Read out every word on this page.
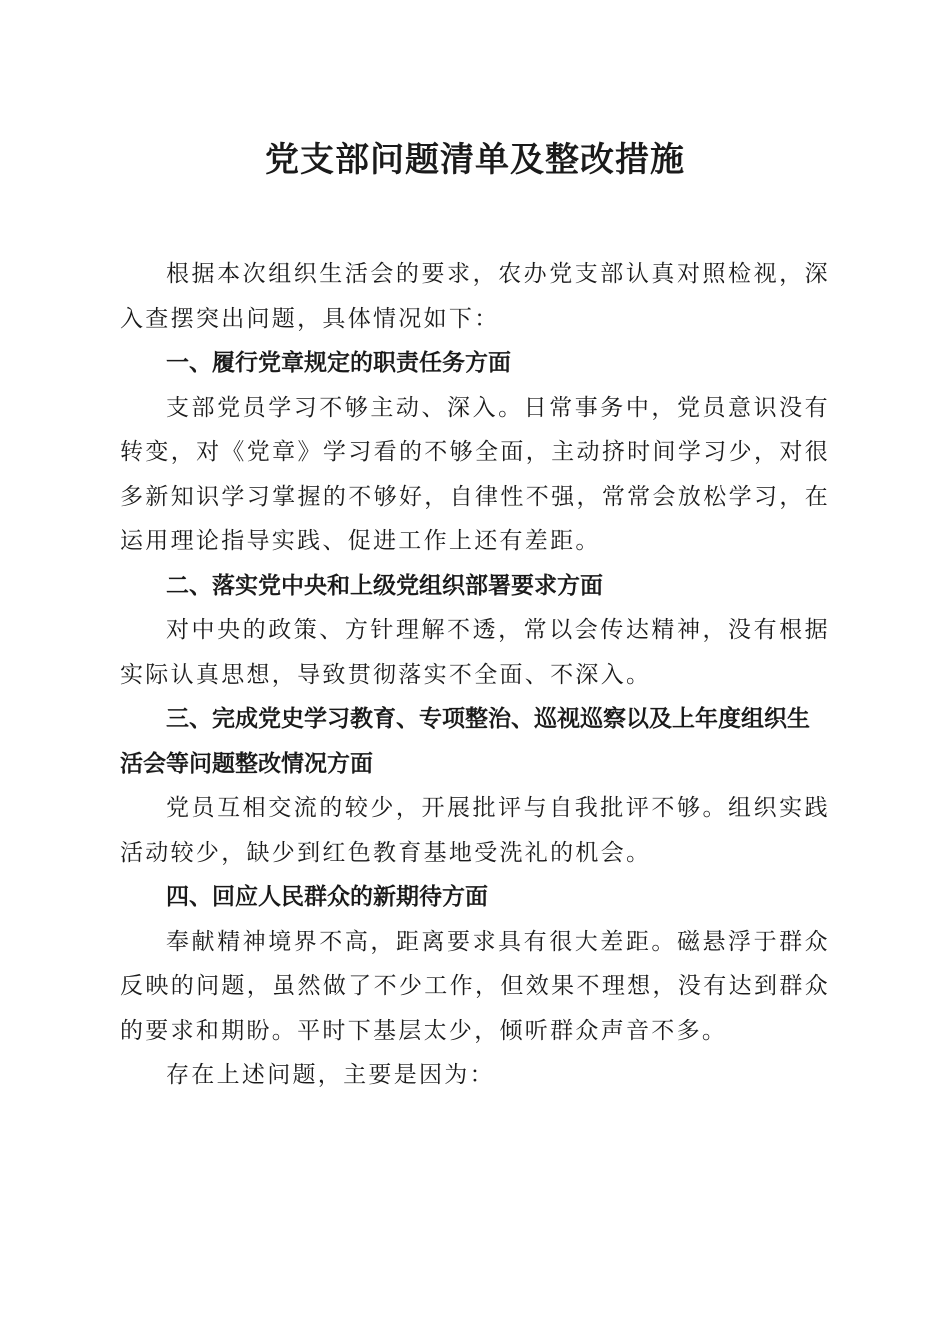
党支部问题清单及整改措施

根据本次组织生活会的要求，农办党支部认真对照检视，深入查摆突出问题，具体情况如下：

一、履行党章规定的职责任务方面

支部党员学习不够主动、深入。日常事务中，党员意识没有转变，对《党章》学习看的不够全面，主动挤时间学习少，对很多新知识学习掌握的不够好，自律性不强，常常会放松学习，在运用理论指导实践、促进工作上还有差距。

二、落实党中央和上级党组织部署要求方面

对中央的政策、方针理解不透，常以会传达精神，没有根据实际认真思想，导致贯彻落实不全面、不深入。

三、完成党史学习教育、专项整治、巡视巡察以及上年度组织生活会等问题整改情况方面

党员互相交流的较少，开展批评与自我批评不够。组织实践活动较少，缺少到红色教育基地受洗礼的机会。

四、回应人民群众的新期待方面

奉献精神境界不高，距离要求具有很大差距。磁悬浮于群众反映的问题，虽然做了不少工作，但效果不理想，没有达到群众的要求和期盼。平时下基层太少，倾听群众声音不多。

存在上述问题，主要是因为：
